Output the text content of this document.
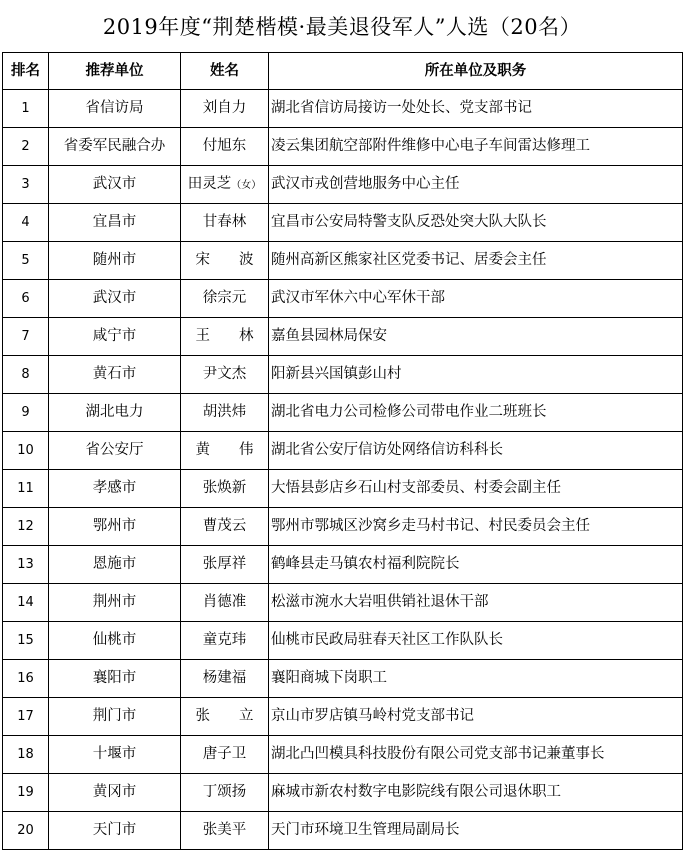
2019年度“荆楚楷模·最美退役军人”人选（20名）
排名	推荐单位	姓名	所在单位及职务
1	省信访局	刘自力	湖北省信访局接访一处处长、党支部书记
2	省委军民融合办	付旭东	凌云集团航空部附件维修中心电子车间雷达修理工
3	武汉市	田灵芝（女）	武汉市戎创营地服务中心主任
4	宜昌市	甘春林	宜昌市公安局特警支队反恐处突大队大队长
5	随州市	宋　　波	随州高新区熊家社区党委书记、居委会主任
6	武汉市	徐宗元	武汉市军休六中心军休干部
7	咸宁市	王　　林	嘉鱼县园林局保安
8	黄石市	尹文杰	阳新县兴国镇彭山村
9	湖北电力	胡洪炜	湖北省电力公司检修公司带电作业二班班长
10	省公安厅	黄　　伟	湖北省公安厅信访处网络信访科科长
11	孝感市	张焕新	大悟县彭店乡石山村支部委员、村委会副主任
12	鄂州市	曹茂云	鄂州市鄂城区沙窝乡走马村书记、村民委员会主任
13	恩施市	张厚祥	鹤峰县走马镇农村福利院院长
14	荆州市	肖德准	松滋市涴水大岩咀供销社退休干部
15	仙桃市	童克玮	仙桃市民政局驻春天社区工作队队长
16	襄阳市	杨建福	襄阳商城下岗职工
17	荆门市	张　　立	京山市罗店镇马岭村党支部书记
18	十堰市	唐子卫	湖北凸凹模具科技股份有限公司党支部书记兼董事长
19	黄冈市	丁颂扬	麻城市新农村数字电影院线有限公司退休职工
20	天门市	张美平	天门市环境卫生管理局副局长
